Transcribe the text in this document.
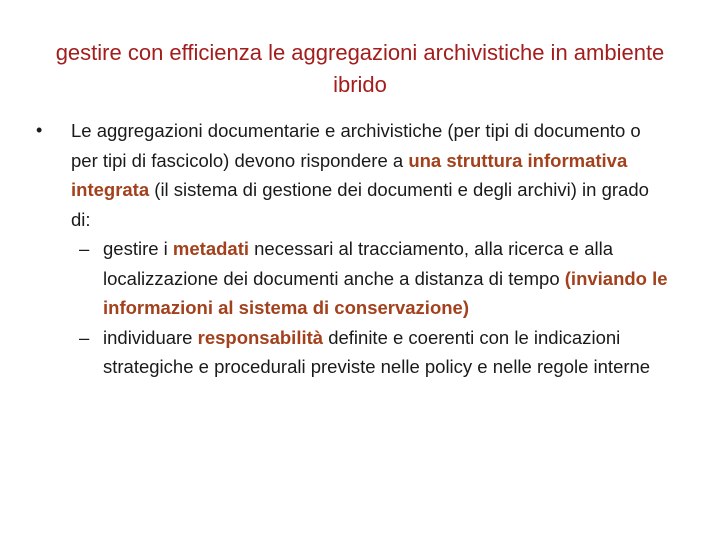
gestire con efficienza le aggregazioni archivistiche in ambiente ibrido
• Le aggregazioni documentarie e archivistiche (per tipi di documento o per tipi di fascicolo) devono rispondere a una struttura informativa integrata (il sistema di gestione dei documenti e degli archivi) in grado di:
– gestire i metadati necessari al tracciamento, alla ricerca e alla localizzazione dei documenti anche a distanza di tempo (inviando le informazioni al sistema di conservazione)
– individuare responsabilità definite e coerenti con le indicazioni strategiche e procedurali previste nelle policy e nelle regole interne
